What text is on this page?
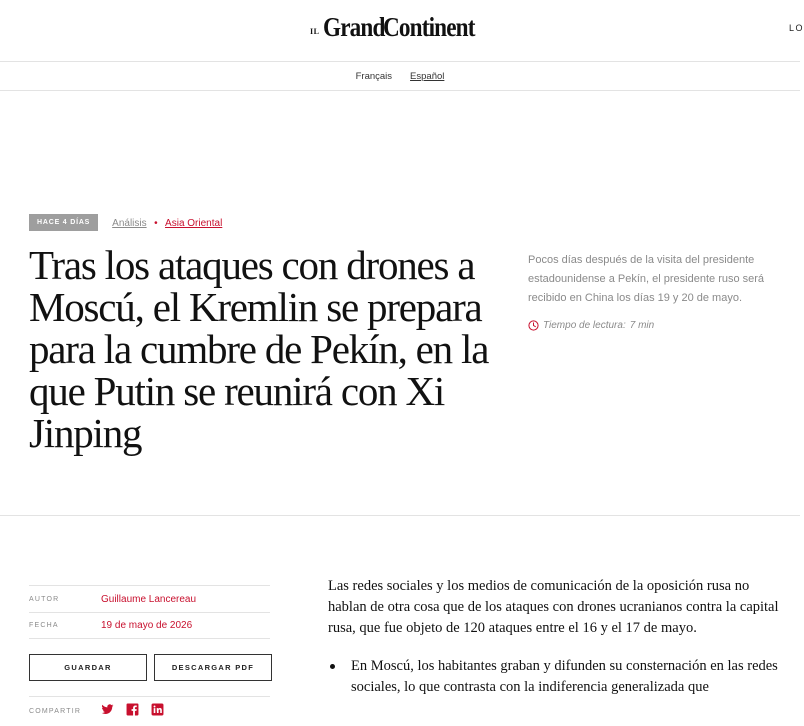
IL Grand
Continent	LO
Français Español
HACE 4 DÍAS	Análisis • Asia Oriental
Tras los ataques con drones a Moscú, el Kremlin se prepara para la cumbre de Pekín, en la que Putin se reunirá con Xi Jinping

Pocos días después de la visita del presidente estadounidense a Pekín, el presidente ruso será recibido en China los días 19 y 20 de mayo.

Tiempo de lectura: 7 min
AUTOR	Guillaume Lancereau
FECHA	19 de mayo de 2026
GUARDAR	DESCARGAR PDF
COMPARTIR

Las redes sociales y los medios de comunicación de la oposición rusa no hablan de otra cosa que de los ataques con drones ucranianos contra la capital rusa, que fue objeto de 120 ataques entre el 16 y el 17 de mayo.

En Moscú, los habitantes graban y difunden su consternación en las redes sociales, lo que contrasta con la indiferencia generalizada que
